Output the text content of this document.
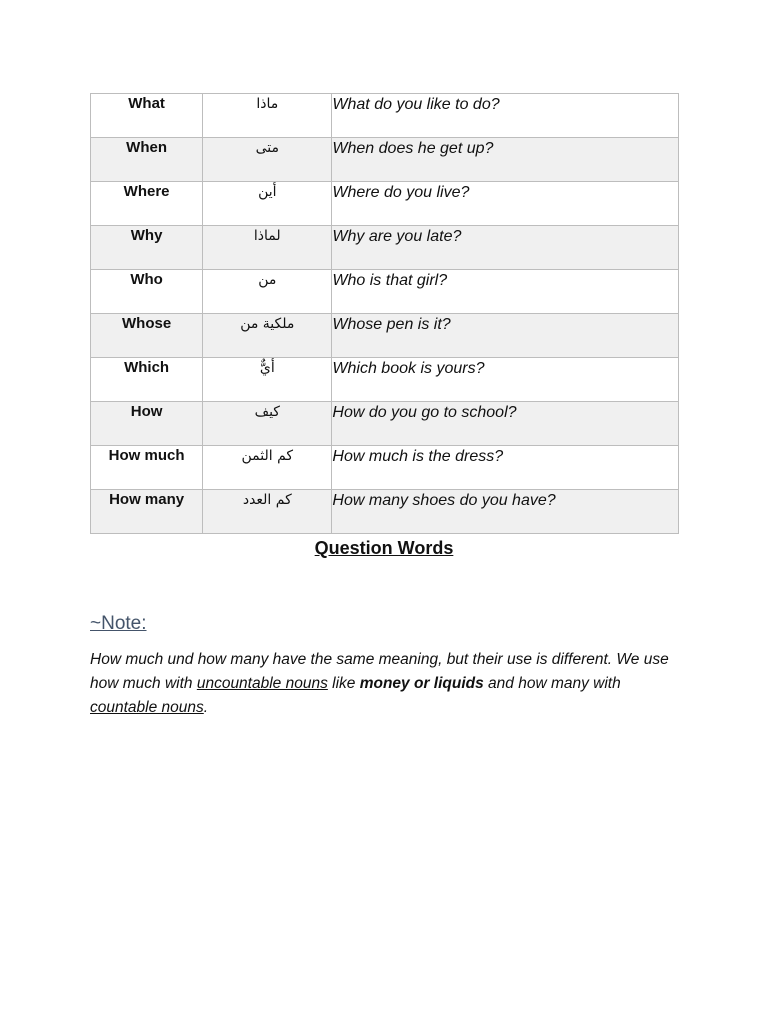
What	ماذا	What do you like to do?
When	متى	When does he get up?
Where	أين	Where do you live?
Why	لماذا	Why are you late?
Who	من	Who is that girl?
Whose	ملكية من	Whose pen is it?
Which	أيٌّ	Which book is yours?
How	كيف	How do you go to school?
How much	كم الثمن	How much is the dress?
How many	كم العدد	How many shoes do you have?
Question Words
~Note:

How much und how many have the same meaning, but their use is different. We use how much with uncountable nouns like money or liquids and how many with countable nouns.
